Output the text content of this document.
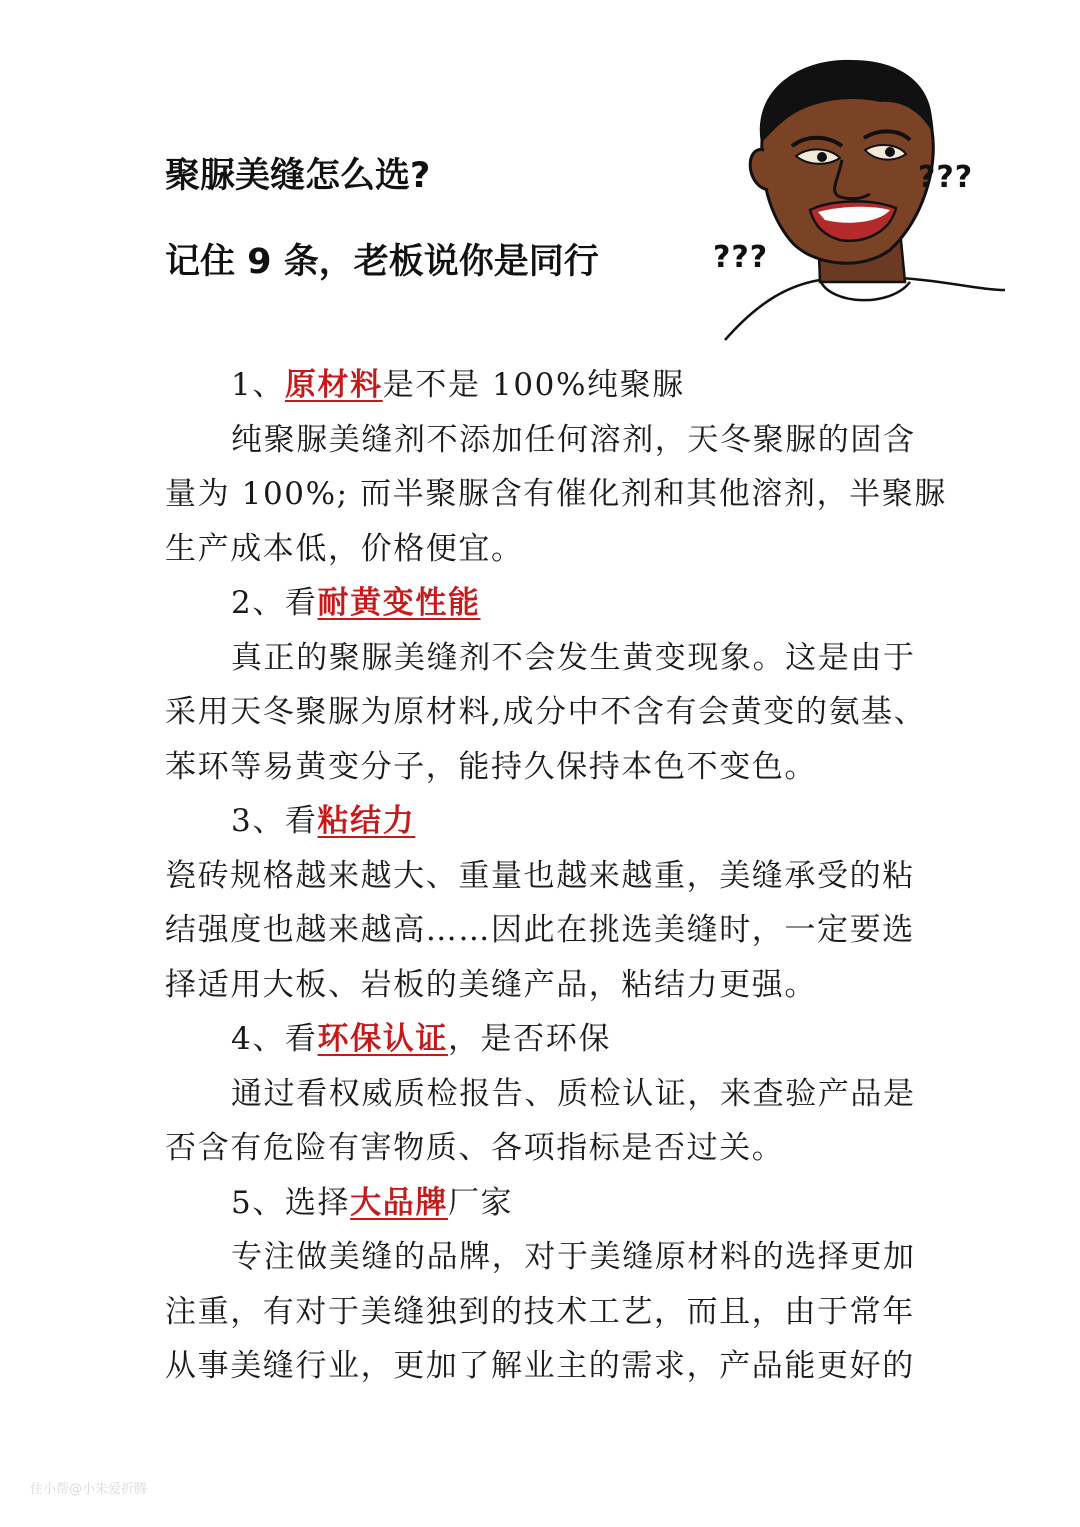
聚脲美缝怎么选?
记住 9 条，老板说你是同行
???
???

1、原材料是不是 100%纯聚脲

纯聚脲美缝剂不添加任何溶剂，天冬聚脲的固含

量为 100%; 而半聚脲含有催化剂和其他溶剂，半聚脲

生产成本低，价格便宜。

2、看耐黄变性能

真正的聚脲美缝剂不会发生黄变现象。这是由于

采用天冬聚脲为原材料,成分中不含有会黄变的氨基、

苯环等易黄变分子，能持久保持本色不变色。

3、看粘结力

瓷砖规格越来越大、重量也越来越重，美缝承受的粘

结强度也越来越高……因此在挑选美缝时，一定要选

择适用大板、岩板的美缝产品，粘结力更强。

4、看环保认证，是否环保

通过看权威质检报告、质检认证，来查验产品是

否含有危险有害物质、各项指标是否过关。

5、选择大品牌厂家

专注做美缝的品牌，对于美缝原材料的选择更加

注重，有对于美缝独到的技术工艺，而且，由于常年

从事美缝行业，更加了解业主的需求，产品能更好的

住小帮@小朱爱折腾
